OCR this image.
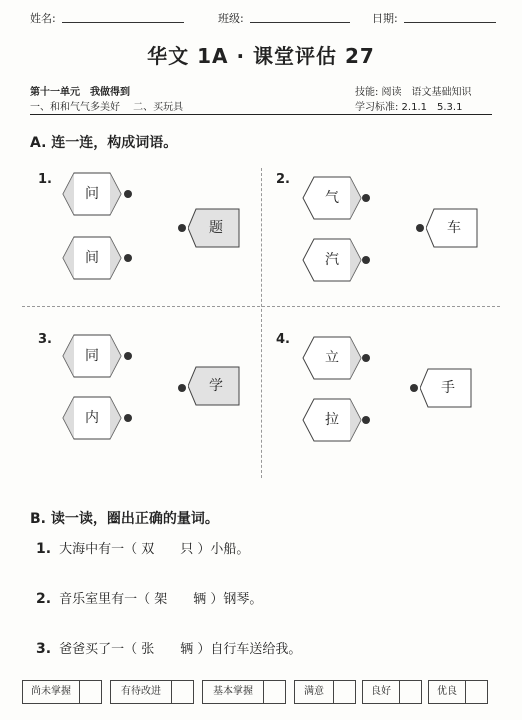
姓名:	班级:	日期:
华文 1A · 课堂评估 27
第十一单元　我做得到
一、和和气气多美好　 二、买玩具
技能: 阅读　语文基础知识
学习标准: 2.1.1　5.3.1
A. 连一连，构成词语。
1.
问
间
题
2.
气
汽
车
3.
同
内
学
4.
立
拉
手
B. 读一读，圈出正确的量词。
1. 大海中有一（ 双　　只 ）小船。
2. 音乐室里有一（ 架　　辆 ）钢琴。
3. 爸爸买了一（ 张　　辆 ）自行车送给我。
尚未掌握	有待改进	基本掌握	满意	良好	优良
